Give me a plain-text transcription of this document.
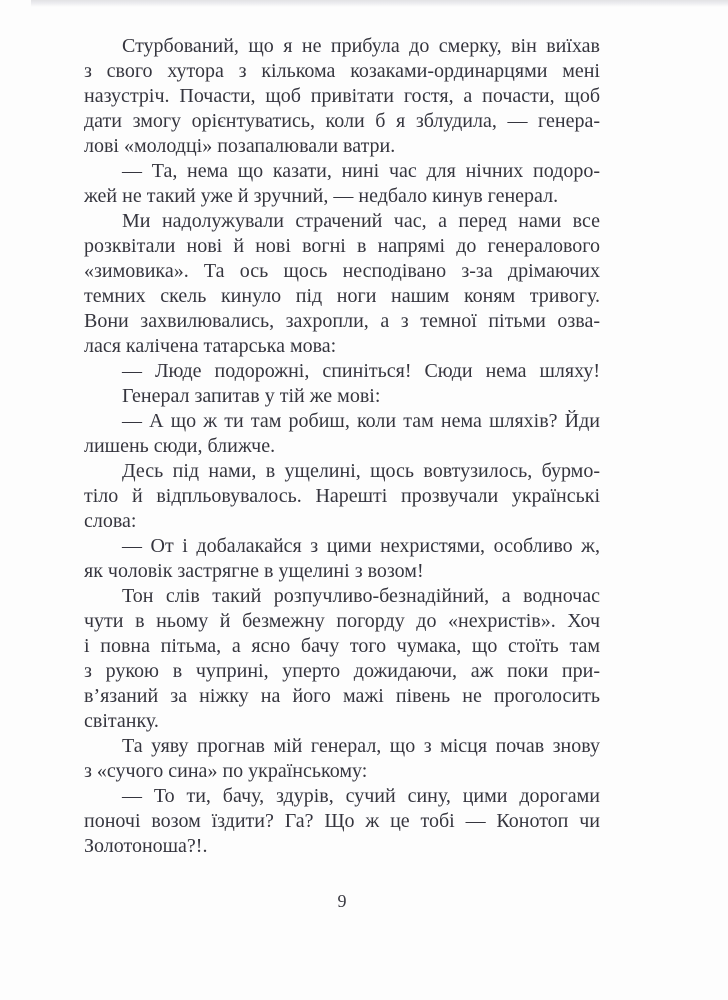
Стурбований, що я не прибула до смерку, він виїхав
з свого хутора з кількома козаками-ординарцями мені
назустріч. Почасти, щоб привітати гостя, а почасти, щоб
дати змогу орієнтуватись, коли б я зблудила, — генера-
лові «молодці» позапалювали ватри.
— Та, нема що казати, нині час для нічних подоро-
жей не такий уже й зручний, — недбало кинув генерал.
Ми надолужували страчений час, а перед нами все
розквітали нові й нові вогні в напрямі до генералового
«зимовика». Та ось щось несподівано з-за дрімаючих
темних скель кинуло під ноги нашим коням тривогу.
Вони захвилювались, захропли, а з темної пітьми озва-
лася калічена татарська мова:
— Люде подорожні, спиніться! Сюди нема шляху!
Генерал запитав у тій же мові:
— А що ж ти там робиш, коли там нема шляхів? Йди
лишень сюди, ближче.
Десь під нами, в ущелині, щось вовтузилось, бурмо-
тіло й відпльовувалось. Нарешті прозвучали українські
слова:
— От і добалакайся з цими нехристями, особливо ж,
як чоловік застрягне в ущелині з возом!
Тон слів такий розпучливо-безнадійний, а водночас
чути в ньому й безмежну погорду до «нехристів». Хоч
і повна пітьма, а ясно бачу того чумака, що стоїть там
з рукою в чуприні, уперто дожидаючи, аж поки при-
в’язаний за ніжку на його мажі півень не проголосить
світанку.
Та уяву прогнав мій генерал, що з місця почав знову
з «сучого сина» по українському:
— То ти, бачу, здурів, сучий сину, цими дорогами
поночі возом їздити? Га? Що ж це тобі — Конотоп чи
Золотоноша?!.
9
